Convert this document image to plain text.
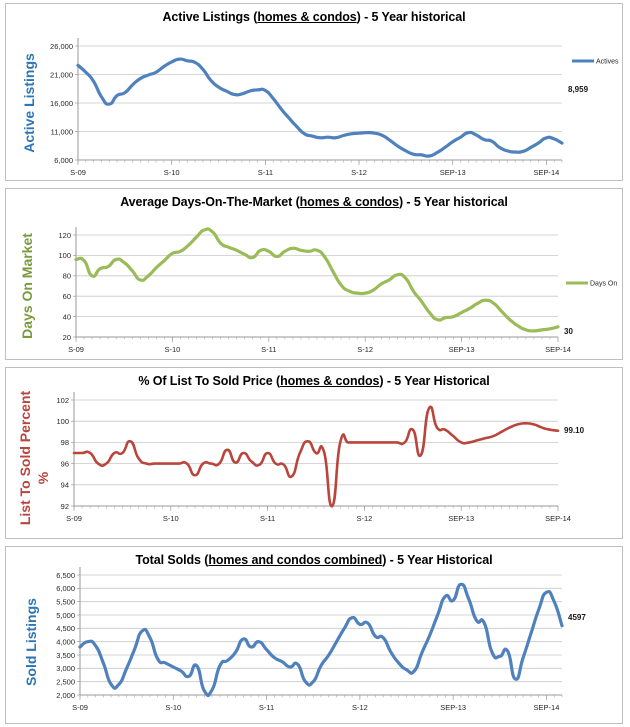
Active Listings (homes & condos) - 5 Year historical
6,000
11,000
16,000
21,000
26,000
S-09	S-10	S-11	S-12	SEP-13	SEP-14
Active Listings	Actives
8,959
Average Days-On-The-Market (homes & condos) - 5 Year historical
20
40
60
80
100
120
S-09	S-10	S-11	S-12	SEP-13	SEP-14
Days On Market	Days On
30
% Of List To Sold Price (homes & condos) - 5 Year Historical
92
94
96
98
100
102
S-09	S-10	S-11	S-12	SEP-13	SEP-14
List To Sold Percent %
99.10
Total Solds (homes and condos combined) - 5 Year Historical
2,000
2,500
3,000
3,500
4,000
4,500
5,000
5,500
6,000
6,500
S-09	S-10	S-11	S-12	SEP-13	SEP-14
Sold Listings	4597
